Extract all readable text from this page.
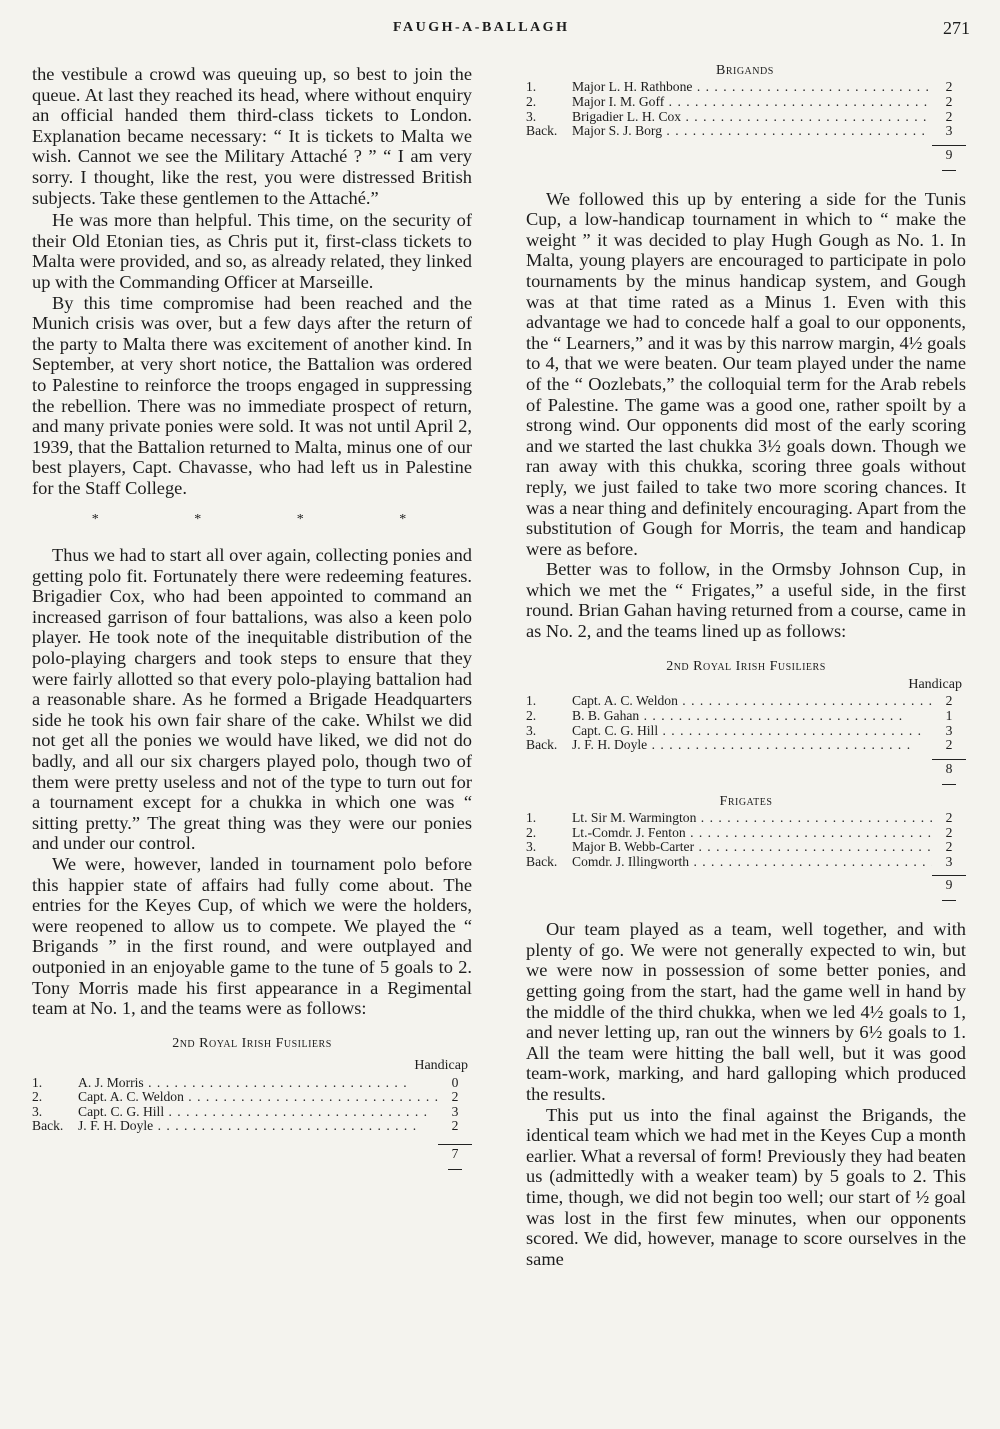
FAUGH-A-BALLAGH	271

the vestibule a crowd was queuing up, so best to join the queue. At last they reached its head, where without enquiry an official handed them third-class tickets to London. Explanation became necessary: “ It is tickets to Malta we wish. Cannot we see the Military Attaché ? ” “ I am very sorry. I thought, like the rest, you were distressed British subjects. Take these gentlemen to the Attaché.”

He was more than helpful. This time, on the security of their Old Etonian ties, as Chris put it, first-class tickets to Malta were provided, and so, as already related, they linked up with the Commanding Officer at Marseille.

By this time compromise had been reached and the Munich crisis was over, but a few days after the return of the party to Malta there was excitement of another kind. In September, at very short notice, the Battalion was ordered to Palestine to reinforce the troops engaged in suppressing the rebellion. There was no immediate prospect of return, and many private ponies were sold. It was not until April 2, 1939, that the Battalion returned to Malta, minus one of our best players, Capt. Chavasse, who had left us in Palestine for the Staff College.

* * * *

Thus we had to start all over again, collecting ponies and getting polo fit. Fortunately there were redeeming features. Brigadier Cox, who had been appointed to command an increased garrison of four battalions, was also a keen polo player. He took note of the inequitable distribution of the polo-playing chargers and took steps to ensure that they were fairly allotted so that every polo-playing battalion had a reasonable share. As he formed a Brigade Headquarters side he took his own fair share of the cake. Whilst we did not get all the ponies we would have liked, we did not do badly, and all our six chargers played polo, though two of them were pretty useless and not of the type to turn out for a tournament except for a chukka in which one was “ sitting pretty.” The great thing was they were our ponies and under our control.

We were, however, landed in tournament polo before this happier state of affairs had fully come about. The entries for the Keyes Cup, of which we were the holders, were reopened to allow us to compete. We played the “ Brigands ” in the first round, and were outplayed and outponied in an enjoyable game to the tune of 5 goals to 2. Tony Morris made his first appearance in a Regimental team at No. 1, and the teams were as follows:

2nd Royal Irish Fusiliers
Handicap
1.	A. J. Morris . .	0
2.	Capt. A. C. Weldon . .	2
3.	Capt. C. G. Hill . .	3
Back.	J. F. H. Doyle . .	2
7
Brigands
1.	Major L. H. Rathbone . .	2
2.	Major I. M. Goff . .	2
3.	Brigadier L. H. Cox . .	2
Back.	Major S. J. Borg . .	3
9

We followed this up by entering a side for the Tunis Cup, a low-handicap tournament in which to “ make the weight ” it was decided to play Hugh Gough as No. 1. In Malta, young players are encouraged to participate in polo tournaments by the minus handicap system, and Gough was at that time rated as a Minus 1. Even with this advantage we had to concede half a goal to our opponents, the “ Learners,” and it was by this narrow margin, 4½ goals to 4, that we were beaten. Our team played under the name of the “ Oozlebats,” the colloquial term for the Arab rebels of Palestine. The game was a good one, rather spoilt by a strong wind. Our opponents did most of the early scoring and we started the last chukka 3½ goals down. Though we ran away with this chukka, scoring three goals without reply, we just failed to take two more scoring chances. It was a near thing and definitely encouraging. Apart from the substitution of Gough for Morris, the team and handicap were as before.

Better was to follow, in the Ormsby Johnson Cup, in which we met the “ Frigates,” a useful side, in the first round. Brian Gahan having returned from a course, came in as No. 2, and the teams lined up as follows:

2nd Royal Irish Fusiliers
Handicap
1.	Capt. A. C. Weldon . .	2
2.	B. B. Gahan . .	1
3.	Capt. C. G. Hill . .	3
Back.	J. F. H. Doyle . .	2
8
Frigates
1.	Lt. Sir M. Warmington . .	2
2.	Lt.-Comdr. J. Fenton . .	2
3.	Major B. Webb-Carter . .	2
Back.	Comdr. J. Illingworth . .	3
9

Our team played as a team, well together, and with plenty of go. We were not generally expected to win, but we were now in possession of some better ponies, and getting going from the start, had the game well in hand by the middle of the third chukka, when we led 4½ goals to 1, and never letting up, ran out the winners by 6½ goals to 1. All the team were hitting the ball well, but it was good team-work, marking, and hard galloping which produced the results.

This put us into the final against the Brigands, the identical team which we had met in the Keyes Cup a month earlier. What a reversal of form! Previously they had beaten us (admittedly with a weaker team) by 5 goals to 2. This time, though, we did not begin too well; our start of ½ goal was lost in the first few minutes, when our opponents scored. We did, however, manage to score ourselves in the same
